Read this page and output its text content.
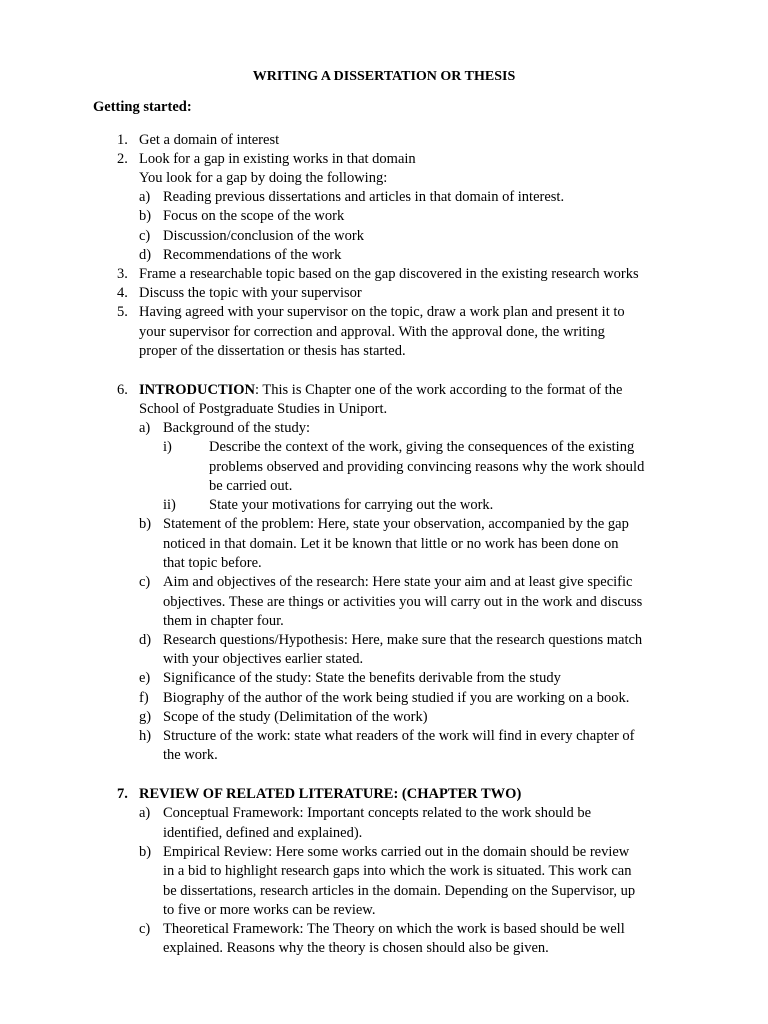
WRITING A DISSERTATION OR THESIS
Getting started:
1. Get a domain of interest
2. Look for a gap in existing works in that domain
You look for a gap by doing the following:
a) Reading previous dissertations and articles in that domain of interest.
b) Focus on the scope of the work
c) Discussion/conclusion of the work
d) Recommendations of the work
3. Frame a researchable topic based on the gap discovered in the existing research works
4. Discuss the topic with your supervisor
5. Having agreed with your supervisor on the topic, draw a work plan and present it to
your supervisor for correction and approval. With the approval done, the writing
proper of the dissertation or thesis has started.
6. INTRODUCTION: This is Chapter one of the work according to the format of the
School of Postgraduate Studies in Uniport.
a) Background of the study:
i)	Describe the context of the work, giving the consequences of the existing
problems observed and providing convincing reasons why the work should
be carried out.
ii) State your motivations for carrying out the work.
b) Statement of the problem: Here, state your observation, accompanied by the gap
noticed in that domain. Let it be known that little or no work has been done on
that topic before.
c) Aim and objectives of the research: Here state your aim and at least give specific
objectives. These are things or activities you will carry out in the work and discuss
them in chapter four.
d) Research questions/Hypothesis: Here, make sure that the research questions match
with your objectives earlier stated.
e) Significance of the study: State the benefits derivable from the study
f) Biography of the author of the work being studied if you are working on a book.
g) Scope of the study (Delimitation of the work)
h) Structure of the work: state what readers of the work will find in every chapter of
the work.
7. REVIEW OF RELATED LITERATURE: (CHAPTER TWO)
a) Conceptual Framework: Important concepts related to the work should be
identified, defined and explained).
b) Empirical Review: Here some works carried out in the domain should be review
in a bid to highlight research gaps into which the work is situated. This work can
be dissertations, research articles in the domain. Depending on the Supervisor, up
to five or more works can be review.
c) Theoretical Framework: The Theory on which the work is based should be well
explained. Reasons why the theory is chosen should also be given.
